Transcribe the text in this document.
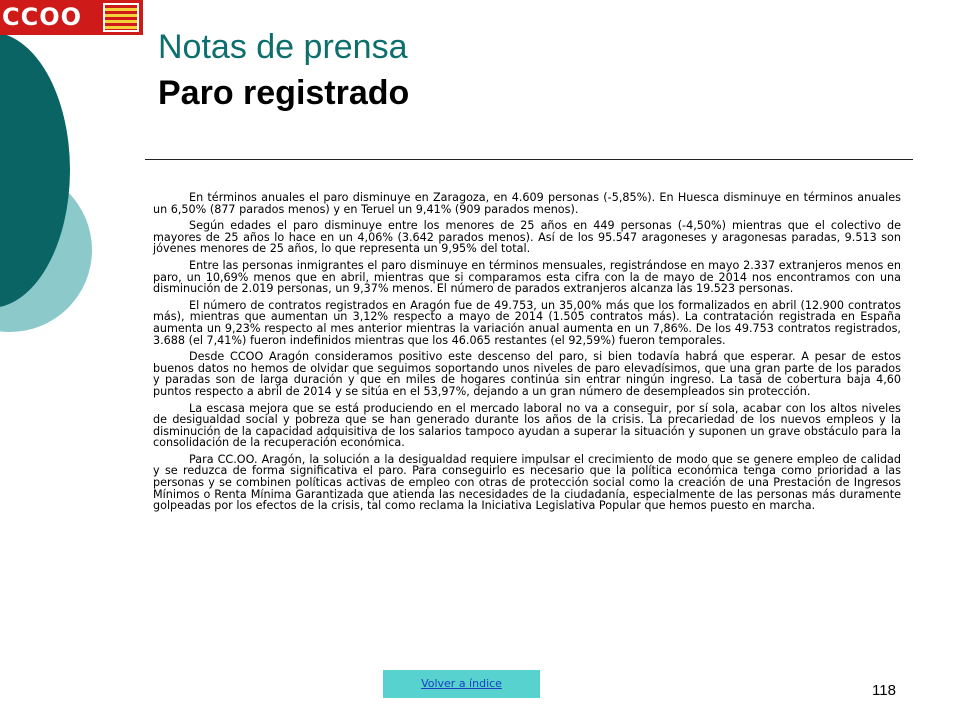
CCOO
Notas de prensa
Paro registrado

En términos anuales el paro disminuye en Zaragoza, en 4.609 personas (-5,85%). En Huesca disminuye en términos anuales un 6,50% (877 parados menos) y en Teruel un 9,41% (909 parados menos).

Según edades el paro disminuye entre los menores de 25 años en 449 personas (-4,50%) mientras que el colectivo de mayores de 25 años lo hace en un 4,06% (3.642 parados menos). Así de los 95.547 aragoneses y aragonesas paradas, 9.513 son jóvenes menores de 25 años, lo que representa un 9,95% del total.

Entre las personas inmigrantes el paro disminuye en términos mensuales, registrándose en mayo 2.337 extranjeros menos en paro, un 10,69% menos que en abril, mientras que si comparamos esta cifra con la de mayo de 2014 nos encontramos con una disminución de 2.019 personas, un 9,37% menos. El número de parados extranjeros alcanza las 19.523 personas.

El número de contratos registrados en Aragón fue de 49.753, un 35,00% más que los formalizados en abril (12.900 contratos más), mientras que aumentan un 3,12% respecto a mayo de 2014 (1.505 contratos más). La contratación registrada en España aumenta un 9,23% respecto al mes anterior mientras la variación anual aumenta en un 7,86%. De los 49.753 contratos registrados, 3.688 (el 7,41%) fueron indefinidos mientras que los 46.065 restantes (el 92,59%) fueron temporales.

Desde CCOO Aragón consideramos positivo este descenso del paro, si bien todavía habrá que esperar. A pesar de estos buenos datos no hemos de olvidar que seguimos soportando unos niveles de paro elevadísimos, que una gran parte de los parados y paradas son de larga duración y que en miles de hogares continúa sin entrar ningún ingreso. La tasa de cobertura baja 4,60 puntos respecto a abril de 2014 y se sitúa en el 53,97%, dejando a un gran número de desempleados sin protección.

La escasa mejora que se está produciendo en el mercado laboral no va a conseguir, por sí sola, acabar con los altos niveles de desigualdad social y pobreza que se han generado durante los años de la crisis. La precariedad de los nuevos empleos y la disminución de la capacidad adquisitiva de los salarios tampoco ayudan a superar la situación y suponen un grave obstáculo para la consolidación de la recuperación económica.

Para CC.OO. Aragón, la solución a la desigualdad requiere impulsar el crecimiento de modo que se genere empleo de calidad y se reduzca de forma significativa el paro. Para conseguirlo es necesario que la política económica tenga como prioridad a las personas y se combinen políticas activas de empleo con otras de protección social como la creación de una Prestación de Ingresos Mínimos o Renta Mínima Garantizada que atienda las necesidades de la ciudadanía, especialmente de las personas más duramente golpeadas por los efectos de la crisis, tal como reclama la Iniciativa Legislativa Popular que hemos puesto en marcha.

Volver a índice	118
